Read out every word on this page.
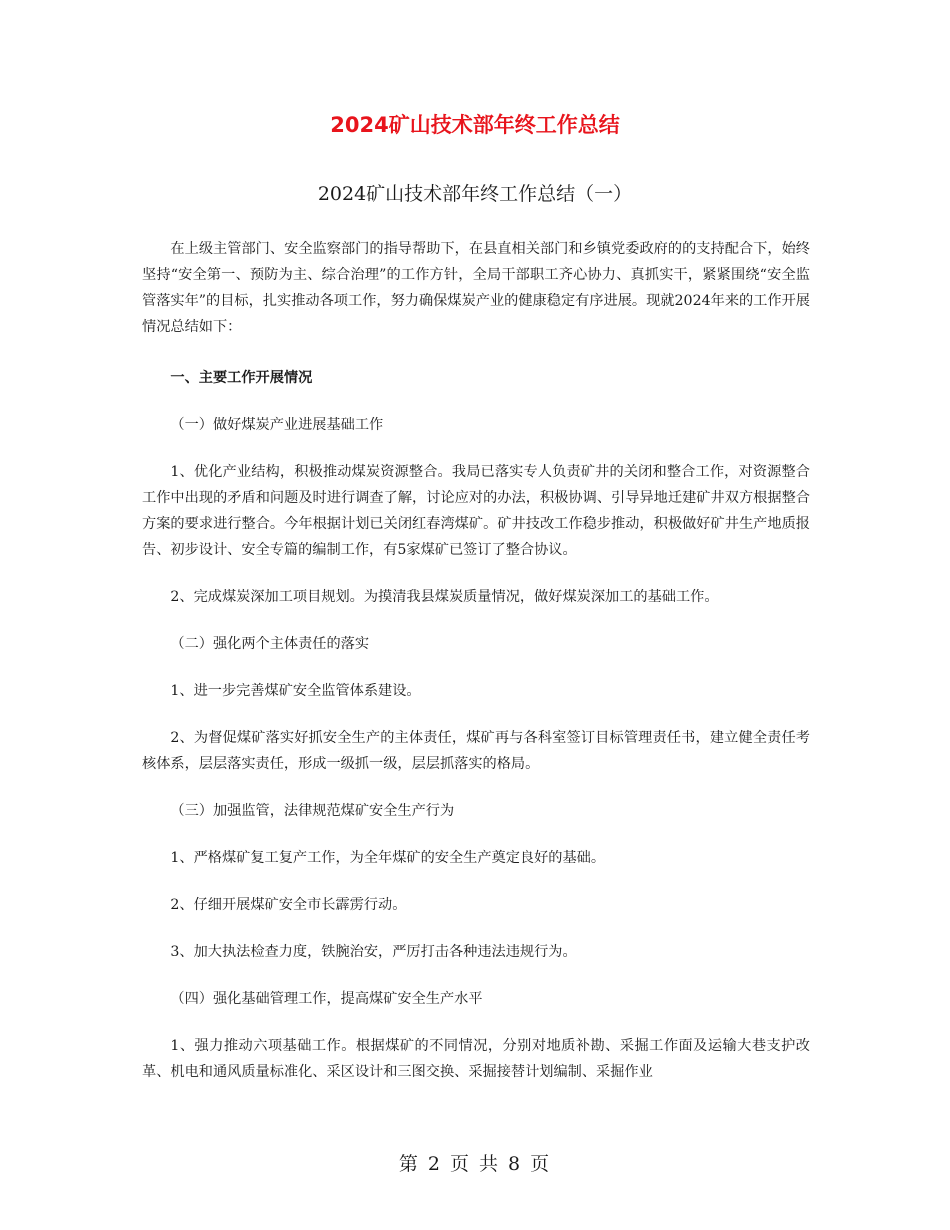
2024矿山技术部年终工作总结
2024矿山技术部年终工作总结（一）

在上级主管部门、安全监察部门的指导帮助下，在县直相关部门和乡镇党委政府的的支持配合下，始终坚持“安全第一、预防为主、综合治理”的工作方针，全局干部职工齐心协力、真抓实干，紧紧围绕“安全监管落实年”的目标，扎实推动各项工作，努力确保煤炭产业的健康稳定有序进展。现就2024年来的工作开展情况总结如下：

一、主要工作开展情况

（一）做好煤炭产业进展基础工作

1、优化产业结构，积极推动煤炭资源整合。我局已落实专人负责矿井的关闭和整合工作，对资源整合工作中出现的矛盾和问题及时进行调查了解，讨论应对的办法，积极协调、引导异地迁建矿井双方根据整合方案的要求进行整合。今年根据计划已关闭红春湾煤矿。矿井技改工作稳步推动，积极做好矿井生产地质报告、初步设计、安全专篇的编制工作，有5家煤矿已签订了整合协议。

2、完成煤炭深加工项目规划。为摸清我县煤炭质量情况，做好煤炭深加工的基础工作。

（二）强化两个主体责任的落实

1、进一步完善煤矿安全监管体系建设。

2、为督促煤矿落实好抓安全生产的主体责任，煤矿再与各科室签订目标管理责任书，建立健全责任考核体系，层层落实责任，形成一级抓一级，层层抓落实的格局。

（三）加强监管，法律规范煤矿安全生产行为

1、严格煤矿复工复产工作，为全年煤矿的安全生产奠定良好的基础。

2、仔细开展煤矿安全市长霹雳行动。

3、加大执法检查力度，铁腕治安，严厉打击各种违法违规行为。

（四）强化基础管理工作，提高煤矿安全生产水平

1、强力推动六项基础工作。根据煤矿的不同情况，分别对地质补勘、采掘工作面及运输大巷支护改革、机电和通风质量标准化、采区设计和三图交换、采掘接替计划编制、采掘作业

第 2 页 共 8 页
